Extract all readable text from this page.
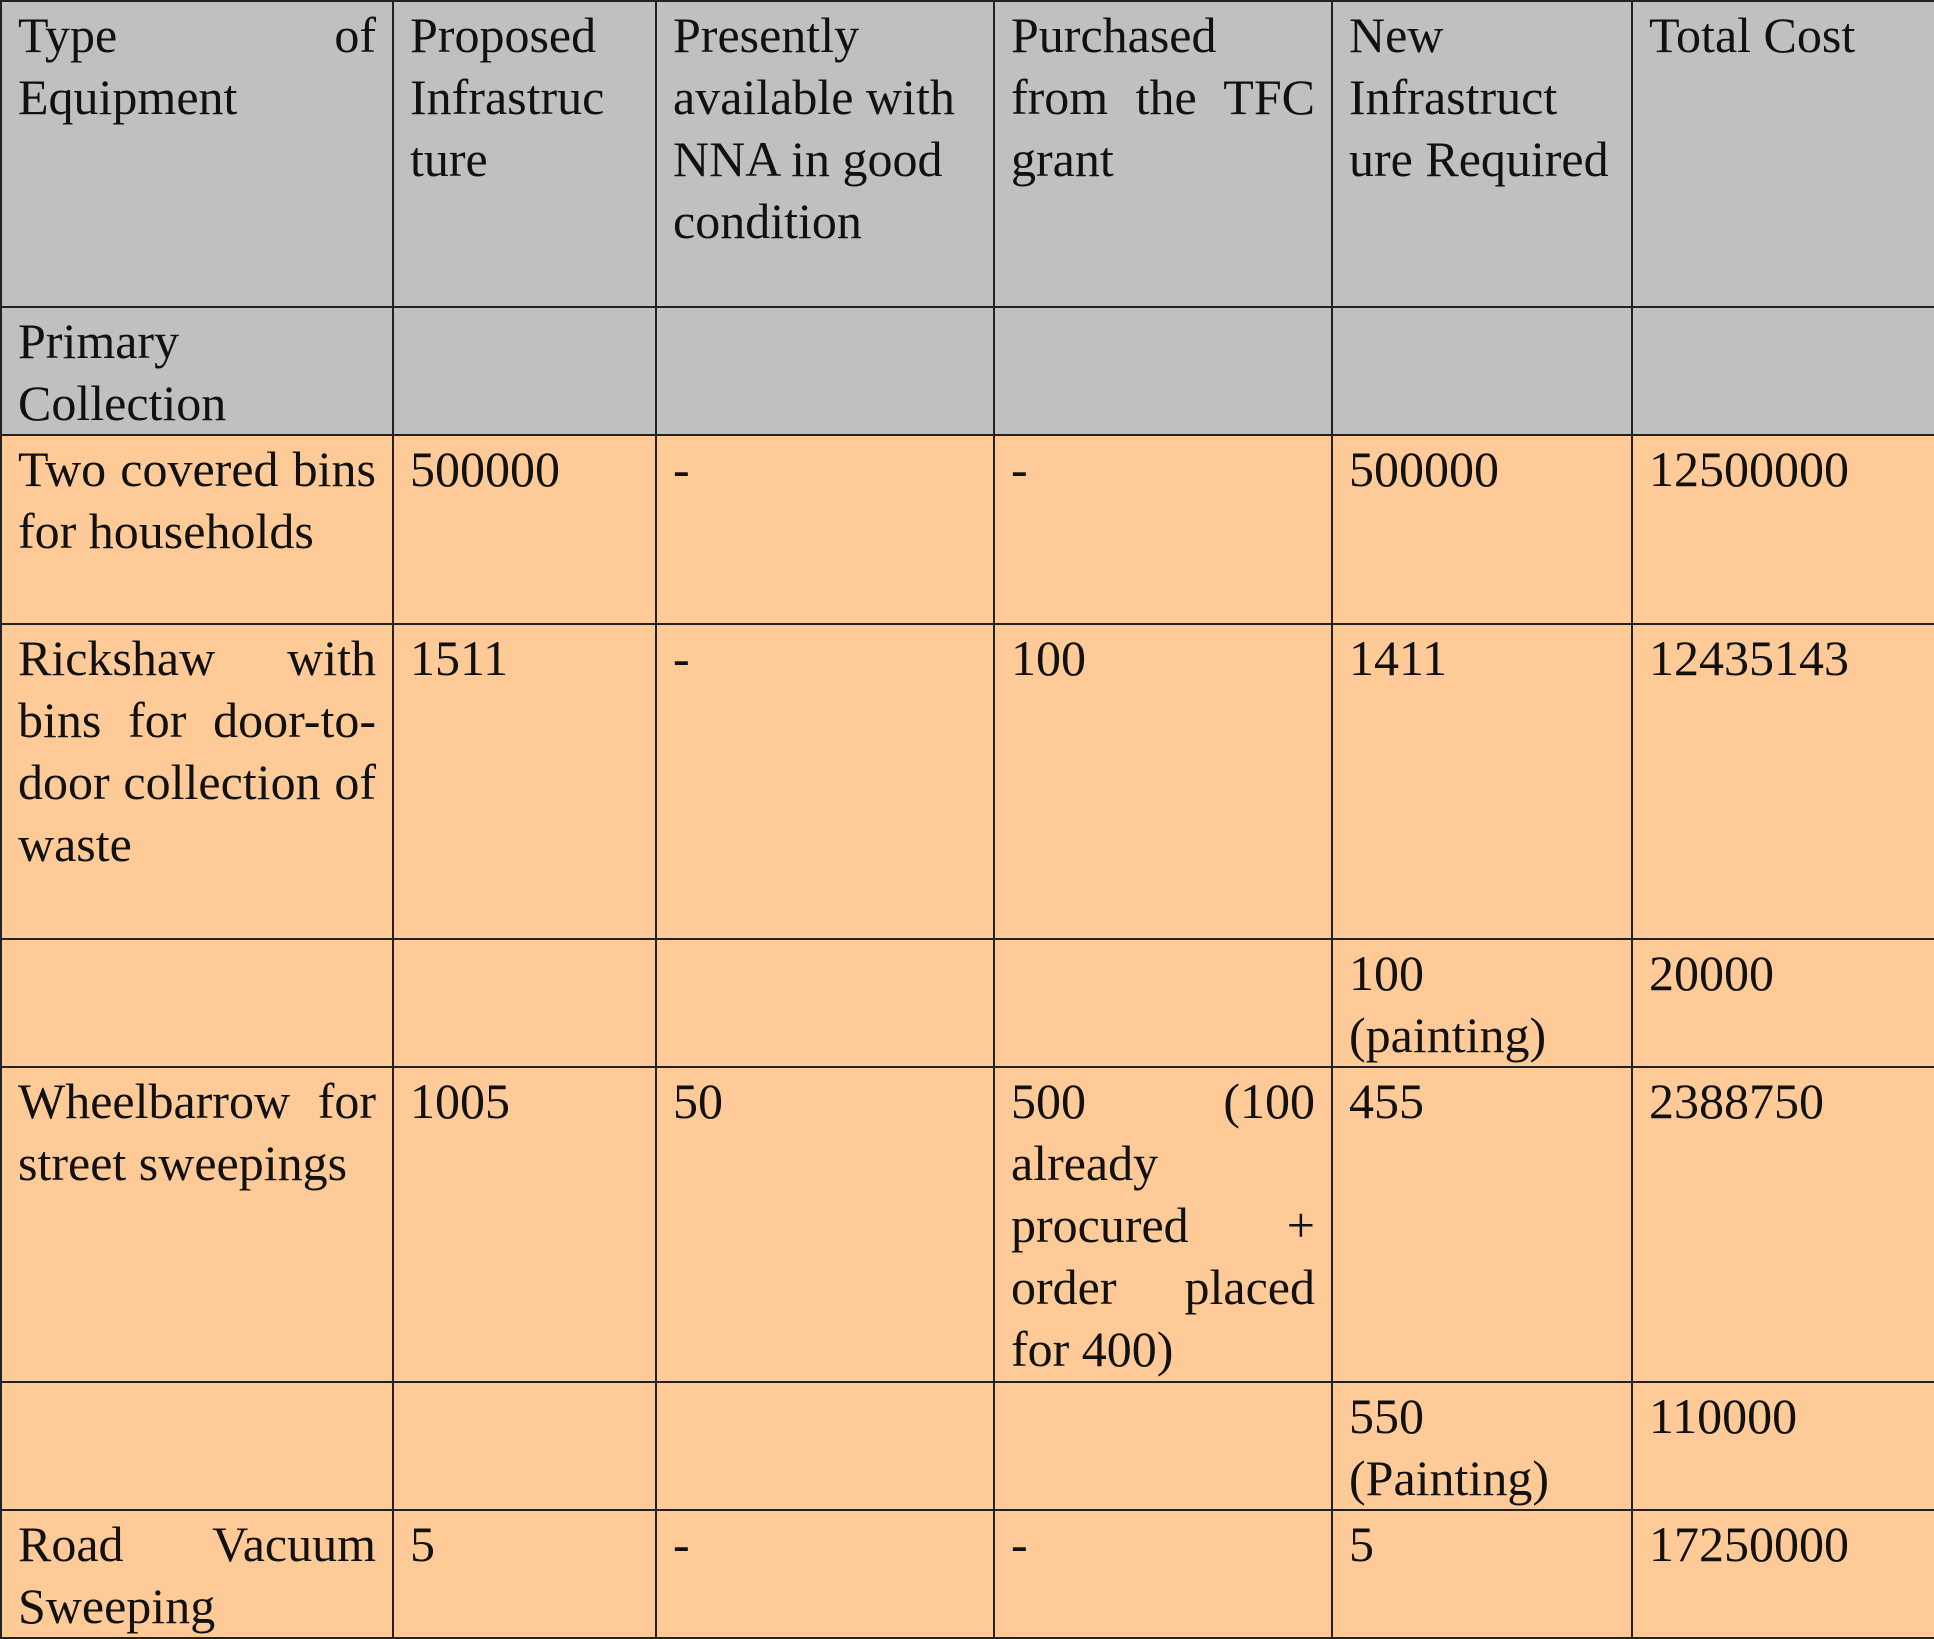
Type of Equipment	Proposed Infrastruc ture	Presently available with NNA in good condition	Purchased from the TFC grant	New Infrastruct ure Required	Total Cost
Primary Collection					
Two covered bins for households	500000	-	-	500000	12500000
Rickshaw with bins for door-to-door collection of waste	1511	-	100	1411	12435143
				100 (painting)	20000
Wheelbarrow for street sweepings	1005	50	500 (100 already procured + order placed for 400)	455	2388750
				550 (Painting)	110000
Road Vacuum Sweeping	5	-	-	5	17250000
